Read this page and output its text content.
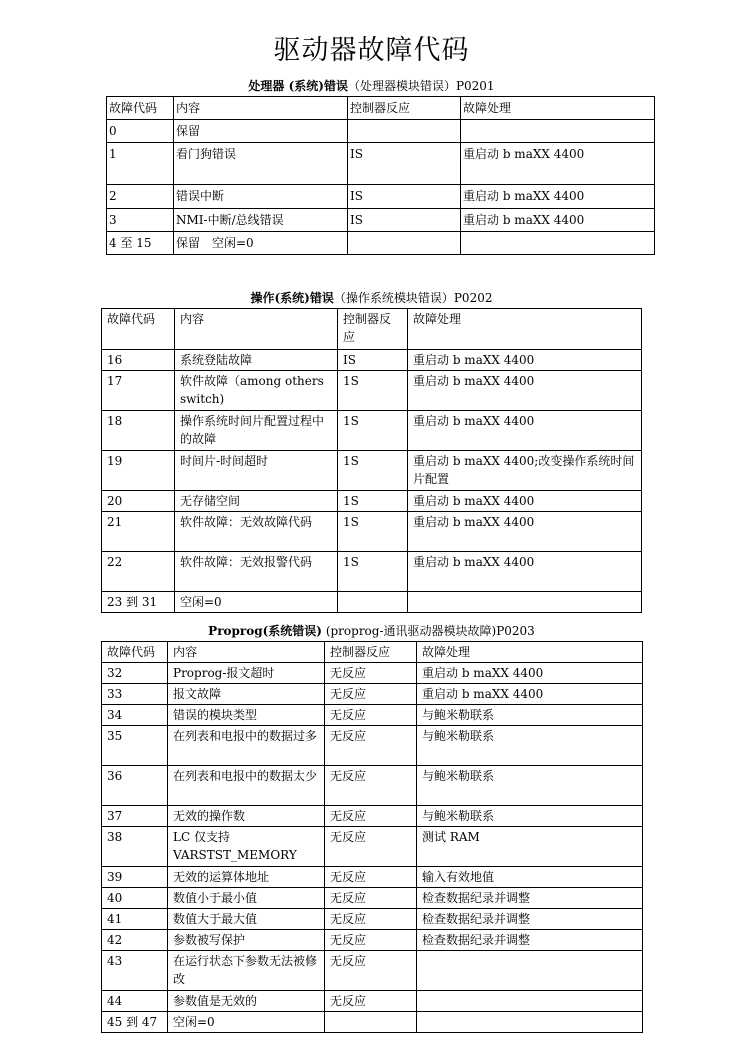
驱动器故障代码
处理器 (系统)错误（处理器模块错误）P0201
故障代码	内容	控制器反应	故障处理
0	保留		
1	看门狗错误	IS	重启动 b maXX 4400
2	错误中断	IS	重启动 b maXX 4400
3	NMI-中断/总线错误	IS	重启动 b maXX 4400
4 至 15	保留　空闲=0		
操作(系统)错误（操作系统模块错误）P0202
故障代码	内容	控制器反应	故障处理
16	系统登陆故障	IS	重启动 b maXX 4400
17	软件故障（among others switch)	1S	重启动 b maXX 4400
18	操作系统时间片配置过程中的故障	1S	重启动 b maXX 4400
19	时间片-时间超时	1S	重启动 b maXX 4400;改变操作系统时间片配置
20	无存储空间	1S	重启动 b maXX 4400
21	软件故障：无效故障代码	1S	重启动 b maXX 4400
22	软件故障：无效报警代码	1S	重启动 b maXX 4400
23 到 31	空闲=0		
Proprog(系统错误) (proprog-通讯驱动器模块故障)P0203
故障代码	内容	控制器反应	故障处理
32	Proprog-报文超时	无反应	重启动 b maXX 4400
33	报文故障	无反应	重启动 b maXX 4400
34	错误的模块类型	无反应	与鲍米勒联系
35	在列表和电报中的数据过多	无反应	与鲍米勒联系
36	在列表和电报中的数据太少	无反应	与鲍米勒联系
37	无效的操作数	无反应	与鲍米勒联系
38	LC 仅支持 VARSTST_MEMORY	无反应	测试 RAM
39	无效的运算体地址	无反应	输入有效地值
40	数值小于最小值	无反应	检查数据纪录并调整
41	数值大于最大值	无反应	检查数据纪录并调整
42	参数被写保护	无反应	检查数据纪录并调整
43	在运行状态下参数无法被修改	无反应	
44	参数值是无效的	无反应	
45 到 47	空闲=0		
